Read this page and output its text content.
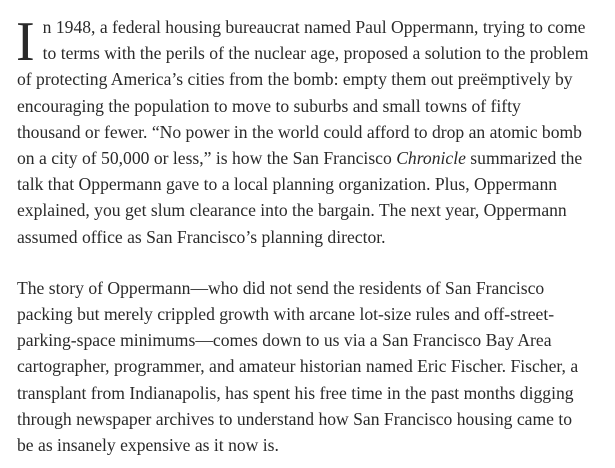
I n 1948, a federal housing bureaucrat named Paul Oppermann, trying to come
to terms with the perils of the nuclear age, proposed a solution to the problem
of protecting America’s cities from the bomb: empty them out preëmptively by
encouraging the population to move to suburbs and small towns of fifty
thousand or fewer. “No power in the world could afford to drop an atomic bomb
on a city of 50,000 or less,” is how the San Francisco Chronicle summarized the
talk that Oppermann gave to a local planning organization. Plus, Oppermann
explained, you get slum clearance into the bargain. The next year, Oppermann
assumed office as San Francisco’s planning director.

The story of Oppermann—who did not send the residents of San Francisco
packing but merely crippled growth with arcane lot-size rules and off-street-
parking-space minimums—comes down to us via a San Francisco Bay Area
cartographer, programmer, and amateur historian named Eric Fischer. Fischer, a
transplant from Indianapolis, has spent his free time in the past months digging
through newspaper archives to understand how San Francisco housing came to
be as insanely expensive as it now is.
